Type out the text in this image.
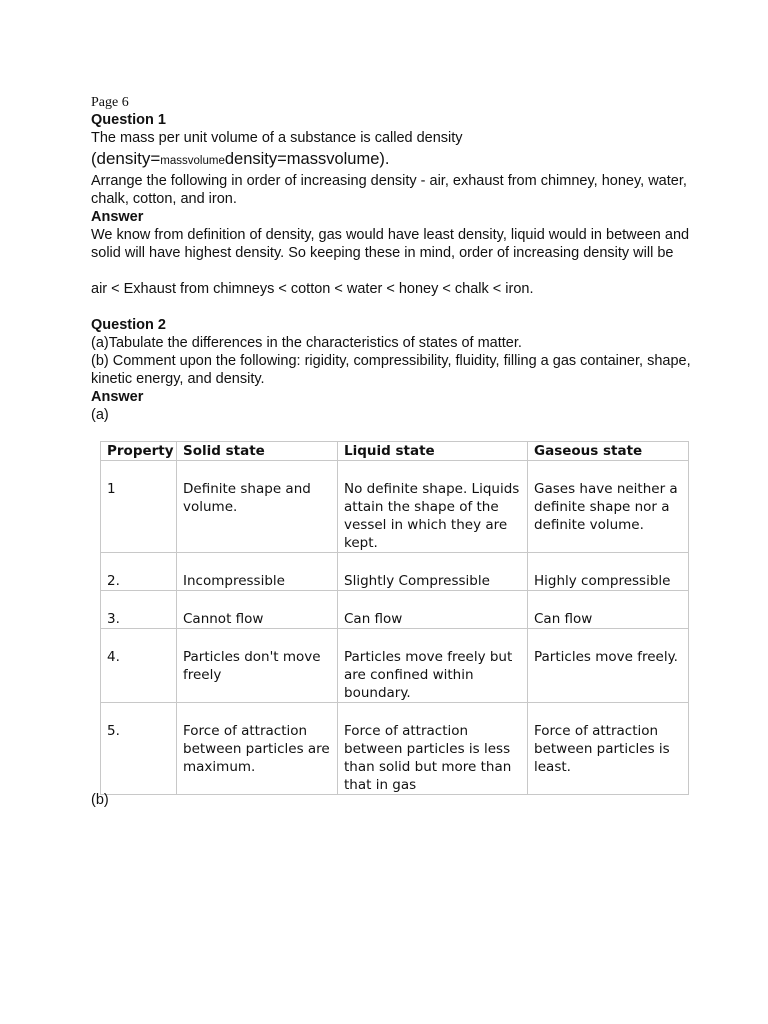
Page 6
Question 1
The mass per unit volume of a substance is called density
(density=massvolumedensity=massvolume).
Arrange the following in order of increasing density - air, exhaust from chimney, honey, water, chalk, cotton, and iron.
Answer
We know from definition of density, gas would have least density, liquid would in between and solid will have highest density. So keeping these in mind, order of increasing density will be
air < Exhaust from chimneys < cotton < water < honey < chalk < iron.
Question 2
(a)Tabulate the differences in the characteristics of states of matter.
(b) Comment upon the following: rigidity, compressibility, fluidity, filling a gas container, shape, kinetic energy, and density.
Answer
(a)
Property	Solid state	Liquid state	Gaseous state
1	Definite shape and volume.	No definite shape. Liquids attain the shape of the vessel in which they are kept.	Gases have neither a definite shape nor a definite volume.
2.	Incompressible	Slightly Compressible	Highly compressible
3.	Cannot flow	Can flow	Can flow
4.	Particles don't move freely	Particles move freely but are confined within boundary.	Particles move freely.
5.	Force of attraction between particles are maximum.	Force of attraction between particles is less than solid but more than that in gas	Force of attraction between particles is least.
(b)
